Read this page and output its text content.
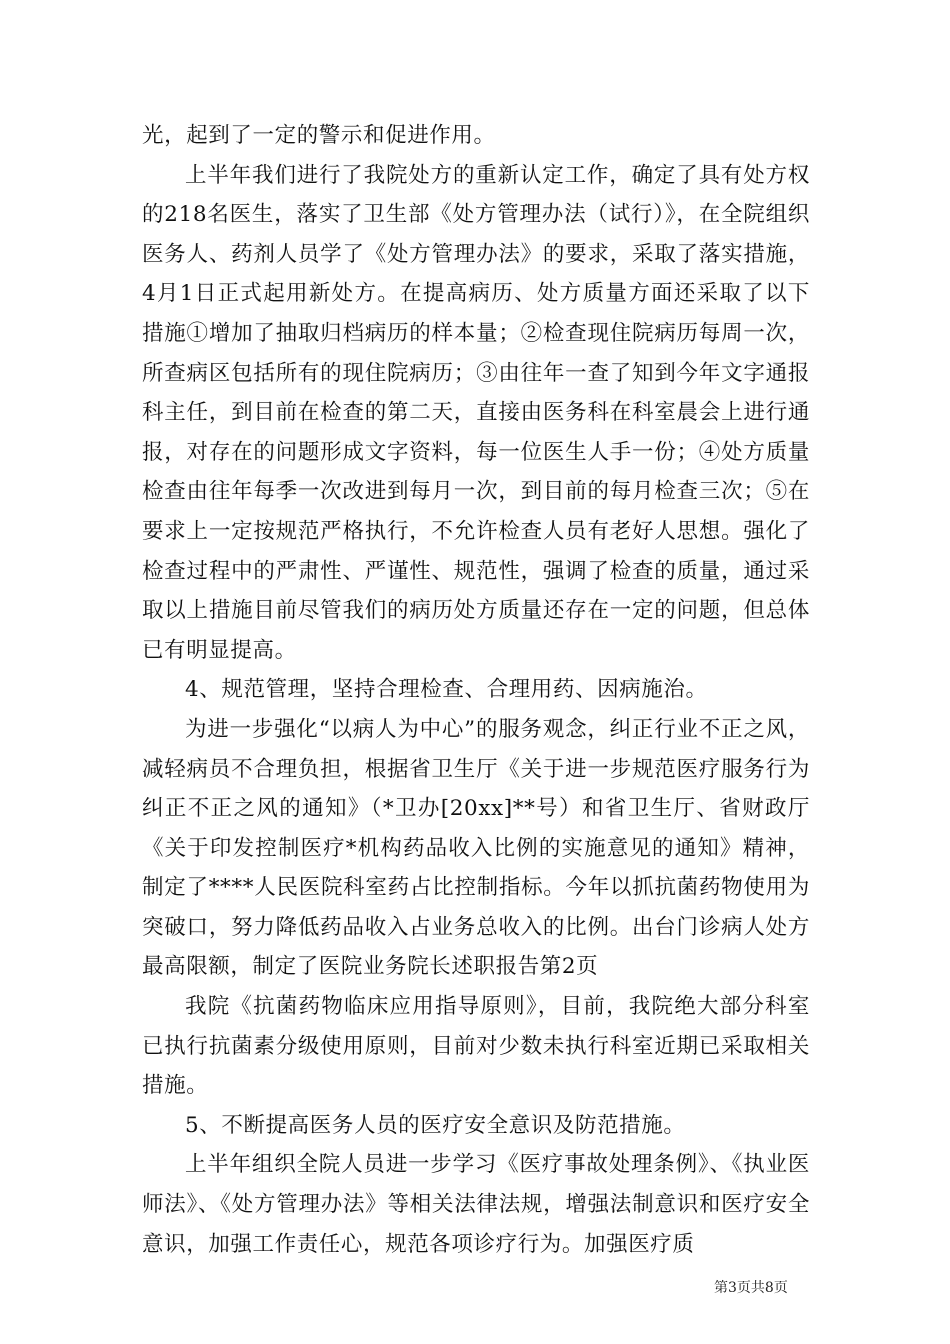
光，起到了一定的警示和促进作用。

上半年我们进行了我院处方的重新认定工作，确定了具有处方权的218名医生，落实了卫生部《处方管理办法（试行）》，在全院组织医务人、药剂人员学了《处方管理办法》的要求，采取了落实措施，4月1日正式起用新处方。在提高病历、处方质量方面还采取了以下措施①增加了抽取归档病历的样本量；②检查现住院病历每周一次，所查病区包括所有的现住院病历；③由往年一查了知到今年文字通报科主任，到目前在检查的第二天，直接由医务科在科室晨会上进行通报，对存在的问题形成文字资料，每一位医生人手一份；④处方质量检查由往年每季一次改进到每月一次，到目前的每月检查三次；⑤在要求上一定按规范严格执行，不允许检查人员有老好人思想。强化了检查过程中的严肃性、严谨性、规范性，强调了检查的质量，通过采取以上措施目前尽管我们的病历处方质量还存在一定的问题，但总体已有明显提高。

4、规范管理，坚持合理检查、合理用药、因病施治。

为进一步强化“以病人为中心”的服务观念，纠正行业不正之风，减轻病员不合理负担，根据省卫生厅《关于进一步规范医疗服务行为纠正不正之风的通知》（*卫办[20xx]**号）和省卫生厅、省财政厅《关于印发控制医疗*机构药品收入比例的实施意见的通知》精神，制定了****人民医院科室药占比控制指标。今年以抓抗菌药物使用为突破口，努力降低药品收入占业务总收入的比例。出台门诊病人处方最高限额，制定了医院业务院长述职报告第2页

我院《抗菌药物临床应用指导原则》，目前，我院绝大部分科室已执行抗菌素分级使用原则，目前对少数未执行科室近期已采取相关措施。

5、不断提高医务人员的医疗安全意识及防范措施。

上半年组织全院人员进一步学习《医疗事故处理条例》、《执业医师法》、《处方管理办法》等相关法律法规，增强法制意识和医疗安全意识，加强工作责任心，规范各项诊疗行为。加强医疗质

第3页共8页
